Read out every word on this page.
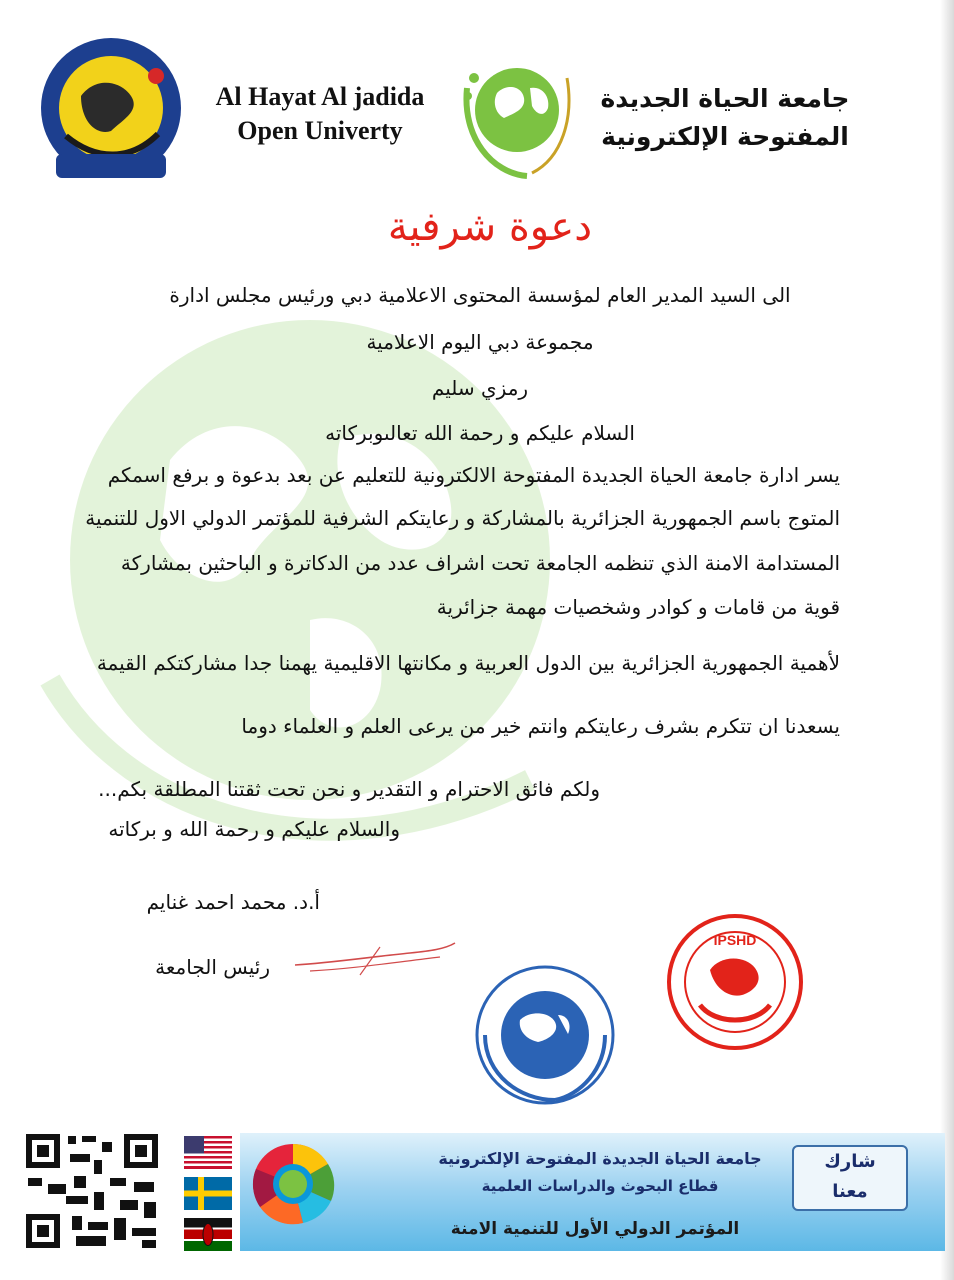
Al Hayat Al jadida
Open Univerty
جامعة الحياة الجديدة
المفتوحة الإلكترونية
دعوة شرفية
الى السيد المدير العام لمؤسسة المحتوى الاعلامية دبي ورئيس مجلس ادارة
مجموعة دبي اليوم الاعلامية
رمزي سليم
السلام عليكم و رحمة الله تعالىوبركاته
يسر ادارة جامعة الحياة الجديدة المفتوحة الالكترونية للتعليم عن بعد بدعوة و برفع اسمكم
المتوج باسم الجمهورية الجزائرية بالمشاركة و رعايتكم الشرفية للمؤتمر الدولي الاول للتنمية
المستدامة الامنة الذي تنظمه الجامعة تحت اشراف عدد من الدكاترة و الباحثين بمشاركة
قوية من قامات و كوادر وشخصيات مهمة جزائرية
لأهمية الجمهورية الجزائرية بين الدول العربية و مكانتها الاقليمية يهمنا جدا مشاركتكم القيمة
يسعدنا ان تتكرم بشرف رعايتكم وانتم خير من يرعى العلم و العلماء دوما
ولكم فائق الاحترام و التقدير و نحن تحت ثقتنا المطلقة بكم...
والسلام عليكم و رحمة الله و بركاته
أ.د. محمد احمد غنايم
رئيس الجامعة
IPSHD
جامعة الحياة الجديدة المفتوحة الإلكترونية
قطاع البحوث والدراسات العلمية
المؤتمر الدولي الأول للتنمية الامنة
شارك
معنا
